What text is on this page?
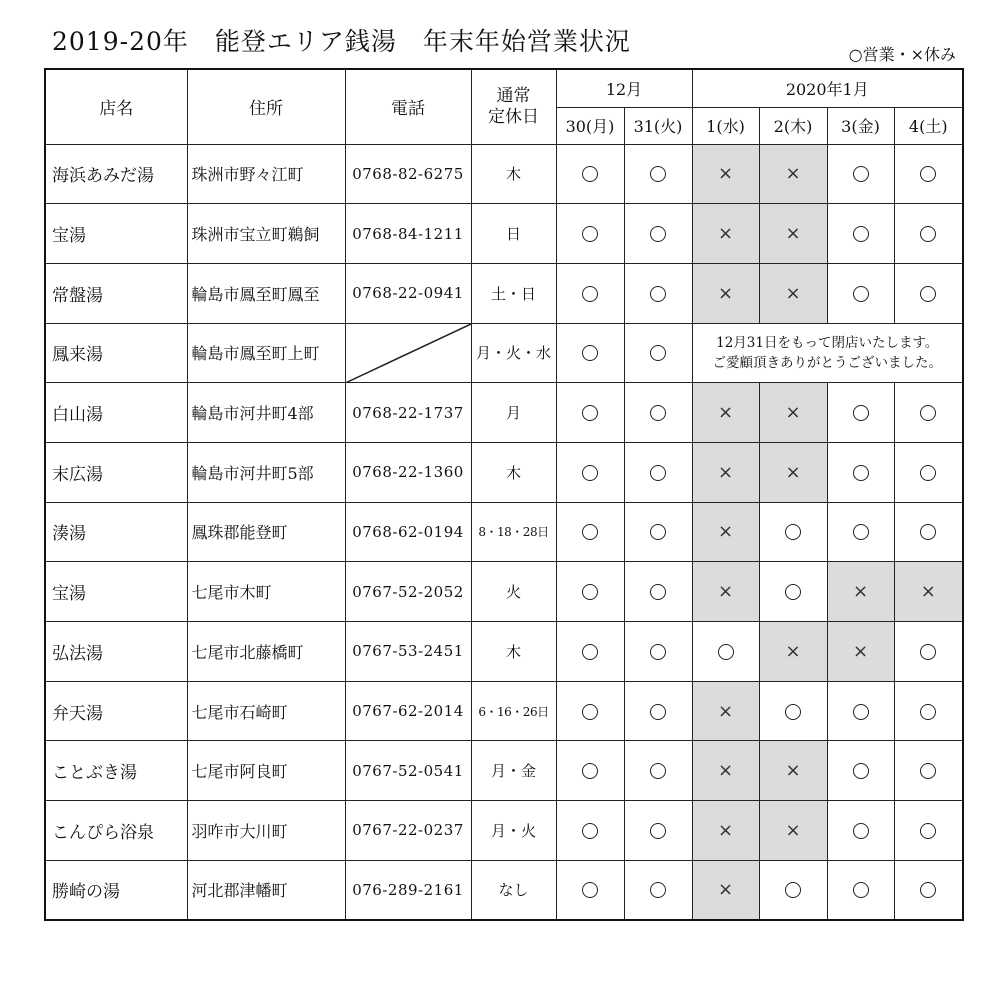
2019-20年　能登エリア銭湯　年末年始営業状況	○営業・×休み
店名	住所	電話	通常
定休日	12月		2020年1月			
				30(月)	31(火)	1(水)	2(木)	3(金)	4(土)
海浜あみだ湯	珠洲市野々江町	0768-82-6275	木			×	×		
宝湯	珠洲市宝立町鵜飼	0768-84-1211	日			×	×		
常盤湯	輪島市鳳至町鳳至	0768-22-0941	土・日			×	×		
鳳来湯	輪島市鳳至町上町		月・火・水			12月31日をもって閉店いたします。
ご愛顧頂きありがとうございました。			

白山湯	輪島市河井町4部	0768-22-1737	月			×	×		
末広湯	輪島市河井町5部	0768-22-1360	木			×	×		
湊湯	鳳珠郡能登町	0768-62-0194	8・18・28日			×			
宝湯	七尾市木町	0767-52-2052	火			×		×	×
弘法湯	七尾市北藤橋町	0767-53-2451	木				×	×	
弁天湯	七尾市石崎町	0767-62-2014	6・16・26日			×			
ことぶき湯	七尾市阿良町	0767-52-0541	月・金			×	×		
こんぴら浴泉	羽咋市大川町	0767-22-0237	月・火			×	×		
勝崎の湯	河北郡津幡町	076-289-2161	なし			×			
